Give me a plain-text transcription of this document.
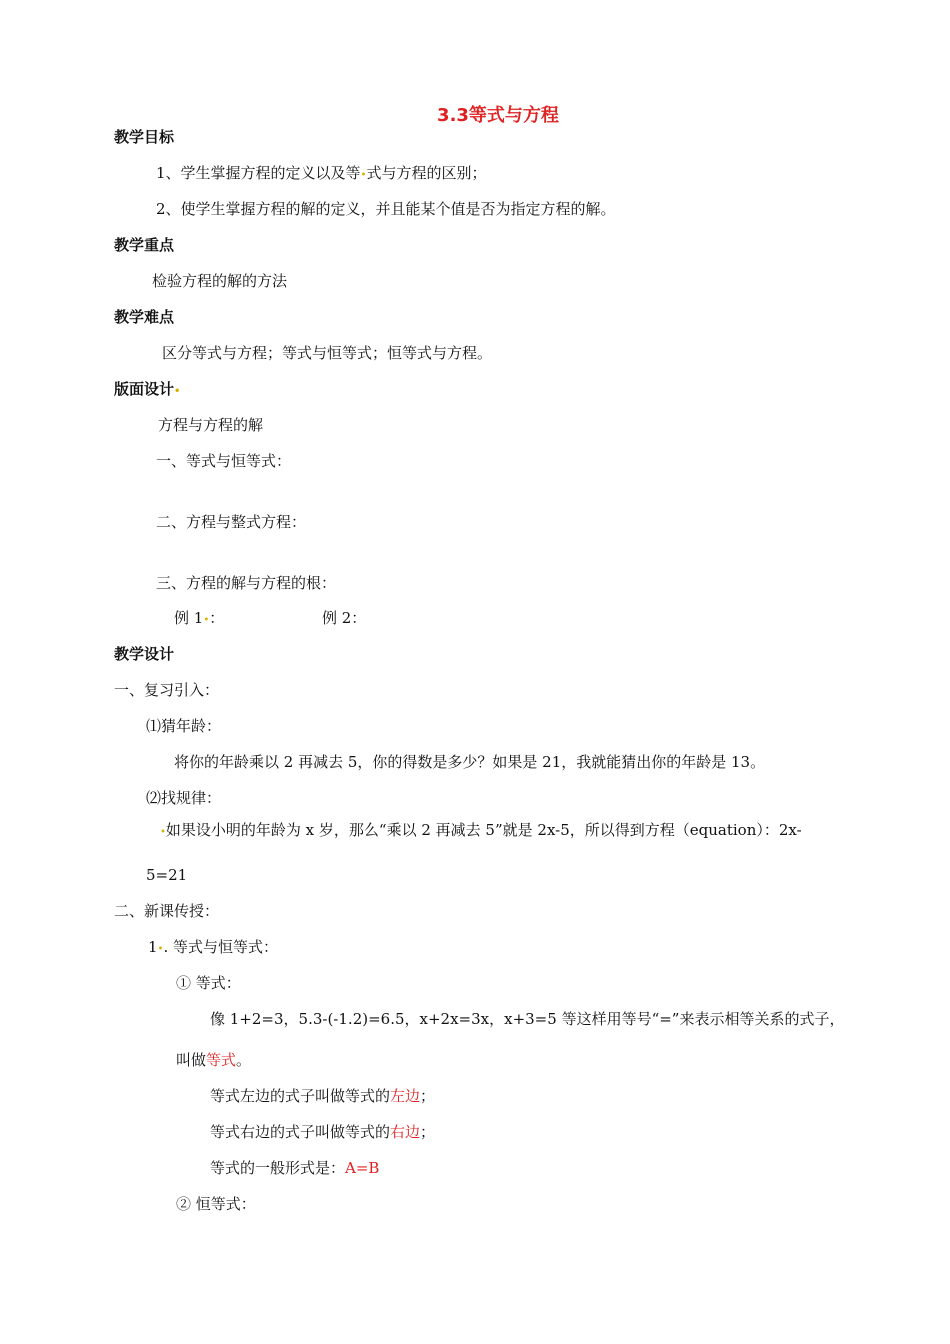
3.3等式与方程
教学目标
1、学生掌握方程的定义以及等•式与方程的区别；
2、使学生掌握方程的解的定义，并且能某个值是否为指定方程的解。
教学重点
检验方程的解的方法
教学难点
区分等式与方程；等式与恒等式；恒等式与方程。
版面设计•
方程与方程的解
一、等式与恒等式：
二、方程与整式方程：
三、方程的解与方程的根：
例 1•：	例 2：
教学设计
一、复习引入：
⑴猜年龄：
将你的年龄乘以 2 再减去 5，你的得数是多少？如果是 21，我就能猜出你的年龄是 13。
⑵找规律：
•如果设小明的年龄为 x 岁，那么“乘以 2 再减去 5”就是 2x-5，所以得到方程（equation）：2x-
5=21
二、新课传授：
1•. 等式与恒等式：
① 等式：
像 1+2=3，5.3-(-1.2)=6.5，x+2x=3x，x+3=5 等这样用等号“=”来表示相等关系的式子，
叫做等式。
等式左边的式子叫做等式的左边；
等式右边的式子叫做等式的右边；
等式的一般形式是：A=B
② 恒等式：
